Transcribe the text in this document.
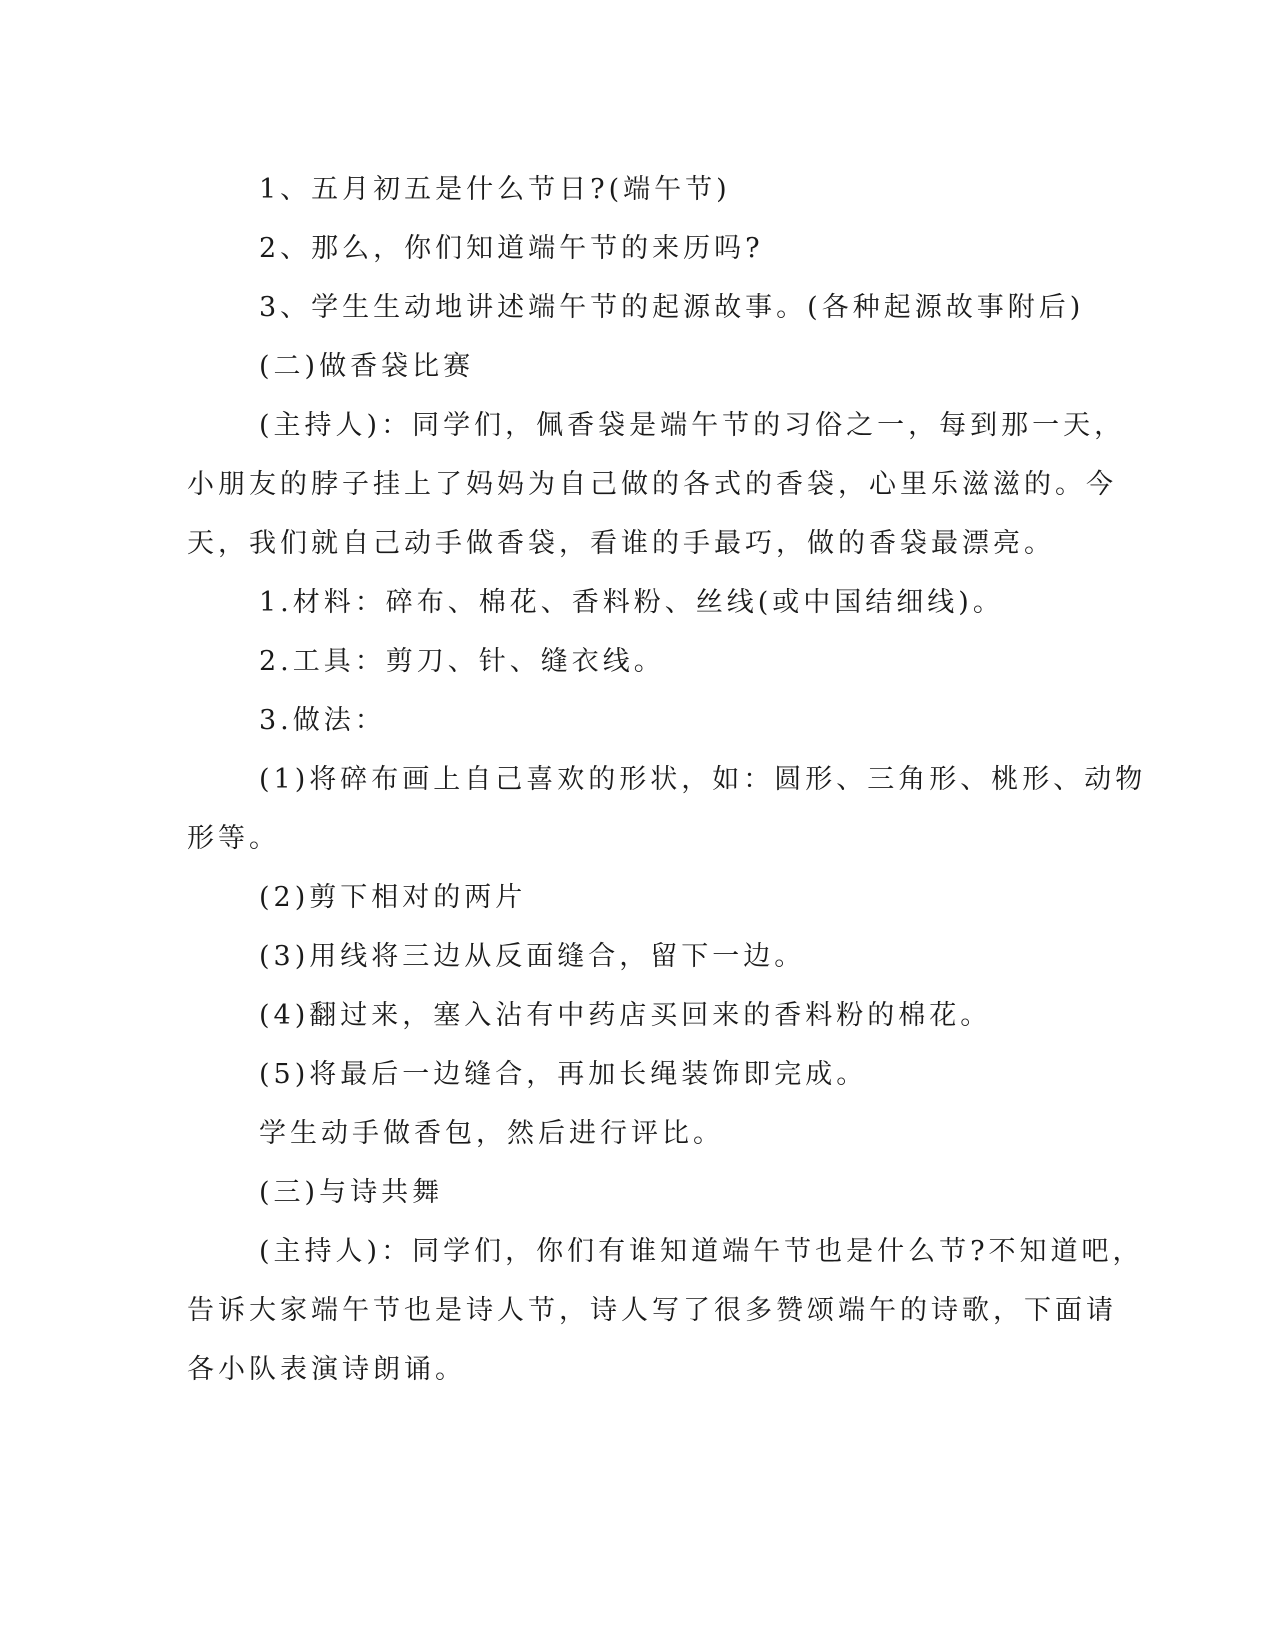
1、五月初五是什么节日?(端午节)
2、那么，你们知道端午节的来历吗?
3、学生生动地讲述端午节的起源故事。(各种起源故事附后)
(二)做香袋比赛
(主持人)：同学们，佩香袋是端午节的习俗之一，每到那一天，
小朋友的脖子挂上了妈妈为自己做的各式的香袋，心里乐滋滋的。今
天，我们就自己动手做香袋，看谁的手最巧，做的香袋最漂亮。
1.材料：碎布、棉花、香料粉、丝线(或中国结细线)。
2.工具：剪刀、针、缝衣线。
3.做法：
(1)将碎布画上自己喜欢的形状，如：圆形、三角形、桃形、动物
形等。
(2)剪下相对的两片
(3)用线将三边从反面缝合，留下一边。
(4)翻过来，塞入沾有中药店买回来的香料粉的棉花。
(5)将最后一边缝合，再加长绳装饰即完成。
学生动手做香包，然后进行评比。
(三)与诗共舞
(主持人)：同学们，你们有谁知道端午节也是什么节?不知道吧，
告诉大家端午节也是诗人节，诗人写了很多赞颂端午的诗歌，下面请
各小队表演诗朗诵。
